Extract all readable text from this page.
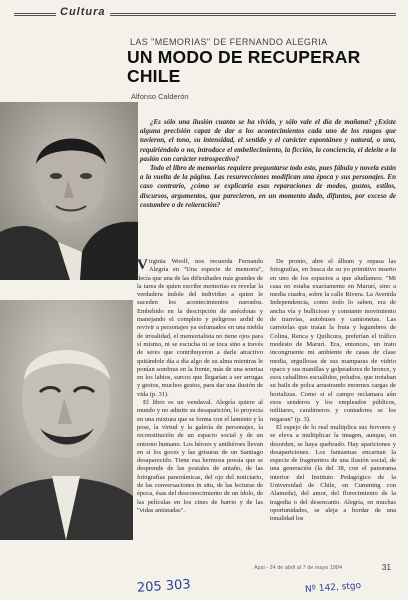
Cultura
LAS "MEMORIAS" DE FERNANDO ALEGRIA
UN MODO DE RECUPERAR CHILE
Alfonso Calderón

¿Es sólo una ilusión cuanto se ha vivido, y sólo vale el día de mañana? ¿Existe alguna precisión capaz de dar a los acontecimientos cada uno de los rasgos que tuvieron, el tono, su intensidad, el sentido y el carácter espontáneo y natural, o uno, requiriéndolo o no, introduce el embellecimiento, la ficción, la conciencia, el deleite o la pasión con carácter retrospectivo?

Todo el libro de memorias requiere preguntarse todo esto, pues fábula y novela están a la vuelta de la página. Las resurrecciones modifican una época y sus personajes. En caso contrario, ¿cómo se explicaría esas reparaciones de modos, gustos, estilos, discursos, argumentos, que parecieron, en un momento dado, difuntos, por exceso de costumbre o de reiteración?

Virginia Woolf, nos recuerda Fernando Alegría en "Una especie de memoria", decía que una de las dificultades más grandes de la tarea de quien escribe memorias es revelar la verdadera índole del individuo a quien le suceden los acontecimientos narrados. Embebido en la descripción de anécdotas y manejando el completo y peligroso ardid de revivir a personajes ya esfumados en una niebla de irrealidad, el memorialista no tiene ojos para sí mismo, ni se escucha ni se toca sino a través de seres que contribuyeron a darle atractivo quitándole dia a día algo de su alma mientras le ponían sombras en la frente, más de una sonrisa en los labios, surcos que llegarían a ser arrugas y gestos, muchos gestos, para dar una ilusión de vida (p. 31).

El libro es un vendaval. Alegría quiere al mundo y no admite su desaparición; lo proyecta en una mixtura que se forma con el lamento y la pose, la virtud y la galería de personajes, la reconstitución de un espacio social y de un entorno humano. Los héroes y antihéroes llevan en sí los goces y las grisuras de un Santiago desaparecido. Tiene esa hermosa poesía que se desprende de las postales de antaño, de las fotografías panorámicas, del ojo del noticiario, de las conversaciones in situ, de las lecturas de época, ésas del desconocimiento de un ídolo, de las películas en los cines de barrio y de las "vidas amistadas".

De pronto, abre el álbum y repasa las fotografías, en busca de su yo primitivo inserto en uno de los espacios a que aludíamos: "Mi casa no estaba exactamente en Marurí, sino a media cuadra, sobre la calle Rivera. La Avenida Independencia, como todo lo saben, era de anchа vía y bullicioso y constante movimiento de tranvías, autobuses y camionetas. Las carretelas que traían la fruta y legumbres de Colina, Renca y Quilicura, preferían el tráfico modesto de Marurí. Era, entonces, un trato incongruente mi ambiente de casas de clase media, orgullosas de sus mamparas de vidrio opaco y sus manillas y golpeadores de bronce, y esos caballitos escuálidos, peludos, que trotaban su baile de polca arrastrando enormes cargas de hortalizas. Como si el campo reclamara aún esos senderos y los empleados públicos, militares, carabineros y contadores se los negaran" (p. 3).

El espejo de lo real multiplica sus fervores y se eleva a multiplicar la imagen, aunque, en desorden, se haya quebrado. Hay apariciones y desapariciones. Los fantasmas encarnan la especie de fragmentos de una ilusión social, de una generación (la del 38, con el panorama interior del Instituto Pedagógico de la Universidad de Chile, en Cumming con Alameda), del amor, del florecimiento de la tragedia o del desencanto. Alegría, en muchas oportunidades, se aleja a bordar de una tonalidad los

Apsi - 24 de abril al 7 de mayo 1984	31
205 303	Nº 142, stgo
